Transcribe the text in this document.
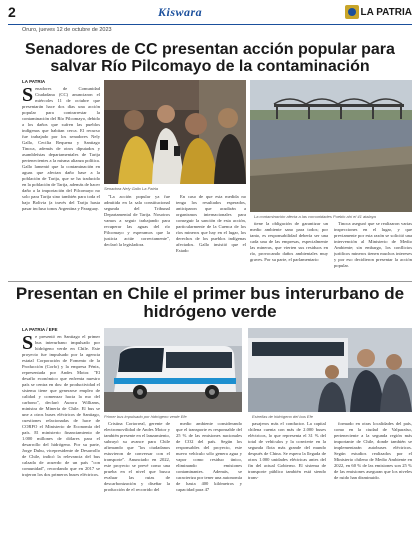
2	Kiswara	LA PATRIA
Oruro, jueves 12 de octubre de 2023
Senadores de CC presentan acción popular para salvar Río Pilcomayo de la contaminación
LA PATRIA
Senadores de Comunidad Ciudadana (CC) anunciaron el miércoles 11 de octubre que presentarán hace dos días una acción popular para contrarrestar la contaminación del Río Pilcomayo, debido a los daños que sufren las pueblos indígenas que habitan cerca. El recurso fue trabajado por los senadores Nely Gallo, Cecilia Requena y Santiago Tinoca, además de otros diputados y asambleístas departamentales de Tarija pertenecientes a la misma alianza política. Gallo lamentó que la contaminación en aguas que afectan daño base a la población de Tarija, que se ha traducido en la población de Tarija, además de hacer daño a la importación del Pilcomayo no solo para Tarija sino también para toda el bajo Bolivia (a través del Tarija hasta pasar incluso tonos Argentina y Paraguay.
Senadora Nely Gallo La Patria
La contaminación afecta a las comunidades Pueblo ahí el 41 atalaya

"La acción popular ya fue admitida en la sala constitucional segunda del Tribunal Departamental de Tarija. Nosotros vamos a seguir trabajando para recuperar las aguas del río Pilcomayo y esperamos que la justicia actúe correctamente", declaró la legisladora.

En caso de que esta medida no tenga los resultados esperados, anticiparon que acudirán a organismos internacionales para conseguir la sanción de esta acción, particularmente de la Cuenca de los ríos mineros que hay en el lugar, los derechos de los pueblos indígenas afectados. Gallo insistió que el Estado

tiene la obligación de garantizar un medio ambiente sano para todos; por tanto, es responsabilidad debería ser una cada una de las empresas, especialmente las mineras, que vierten sus residuos en río, provocando daños ambientales muy graves. Por su parte, el parlamentario

Tinoca aseguró que se realizaron varias inspecciones en el lugar, y que previamente por esta razón se solicitó una intervención al Ministerio de Medio Ambiente; sin embargo, los conflictos jurídicos mineros tienen muchos intereses y por eso decidieron presentar la acción popular.

Presentan en Chile el primer bus interurbano de hidrógeno verde
LA PATRIA / EFE
Se presentó en Santiago el primer bus interurbano impulsado por hidrógeno verde en Chile. Este proyecto fue impulsado por la agencia estatal Corporación de Fomento de la Producción (Corfo) y la empresa Fénix, representada por Andes Motor. "El desafío económico que enfrenta nuestro país se centra en dos: de productividad el sistema tiene que generarse empleo de calidad y comenzar hacia la mo del carbono", declaró Aurora Williams, ministra de Minería de Chile. El bus se une a otros buses eléctricos de Santiago, cuestiones relacionadas de hace de CORFO el Ministerio de Economía del país. El ministerio financiamiento de 1.000 millones de dólares para el desarrollo del hidrógeno. Por su parte, Jorge Duhu, vicepresidente de Desarrollo de Chile, indicó la relevancia del bus calzada de acuerdo de un país "con comunidad", recordando que en 2017 se trajeron los dos primeros buses eléctricos.
Primer bus impulsado por hidrógeno verde Efe	Estrellas de hidrógeno del bus Efe

Cristina Cortorreal, gerente de electromovilidad de Andes Motor y también presente en el lanzamiento, subrayó su avance para Chile afirmando que "los ciudadanos estuvieron de conversar con el transporte". Anunciado en 2022, este proyecto se prevé como una prueba en el nivel que busca evaluar las rutas de descarbonización y diseñar la producción de el recorrido del

medio ambiente considerando que el transporte es responsable del 25 % de las emisiones nacionales de CO2 del país. Según los responsables del proyecto, este nuevo vehículo sólo genera agua y vapor como residuo único, eliminando emisiones contaminantes. Además, se caracteriza por tener una autonomía de hasta 400 kilómetros y capacidad para 47

pasajeros más el conductor. La capital chilena cuenta con más de 2.000 buses eléctricos, lo que representa el 31 % del total de vehículos y la convierte en la segunda flota más grande del mundo después de China. Se espera la llegada de otros 1.000 unidades eléctricas antes del fin del actual Gobierno. El sistema de transporte público también está siendo trans-

formado en otras localidades del país, como en la ciudad de Valparaíso, perteneciente a la segunda región más importante de Chile, donde también se implementarán autobuses eléctricos. Según estudios realizados por el Ministerio chileno de Medio Ambiente en 2022, en 60 % de las emisiones son 25 % de las emisiones aseguran que los niveles de ruido han disminuido.
